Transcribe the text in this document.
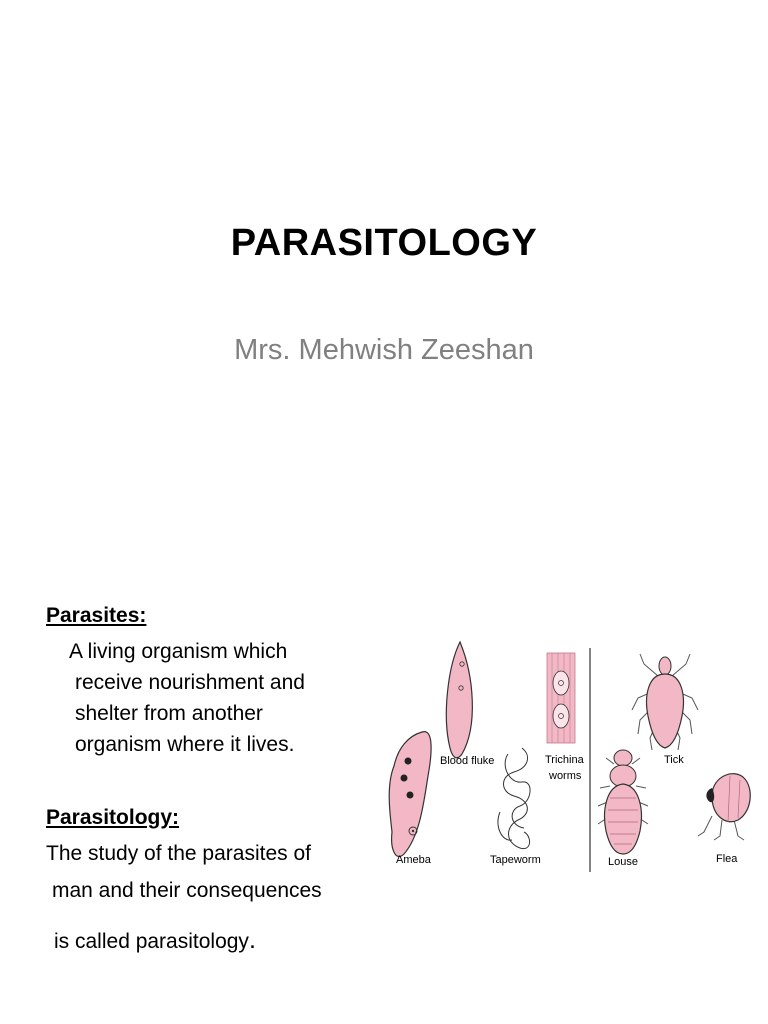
PARASITOLOGY
Mrs. Mehwish Zeeshan
Parasites:
A living organism which
receive nourishment and
shelter from another
organism where it lives.
Parasitology:
The study of the parasites of
man and their consequences
is called parasitology.
Blood fluke
Ameba	Tapeworm
Trichina
worms
Tick
Louse	Flea
